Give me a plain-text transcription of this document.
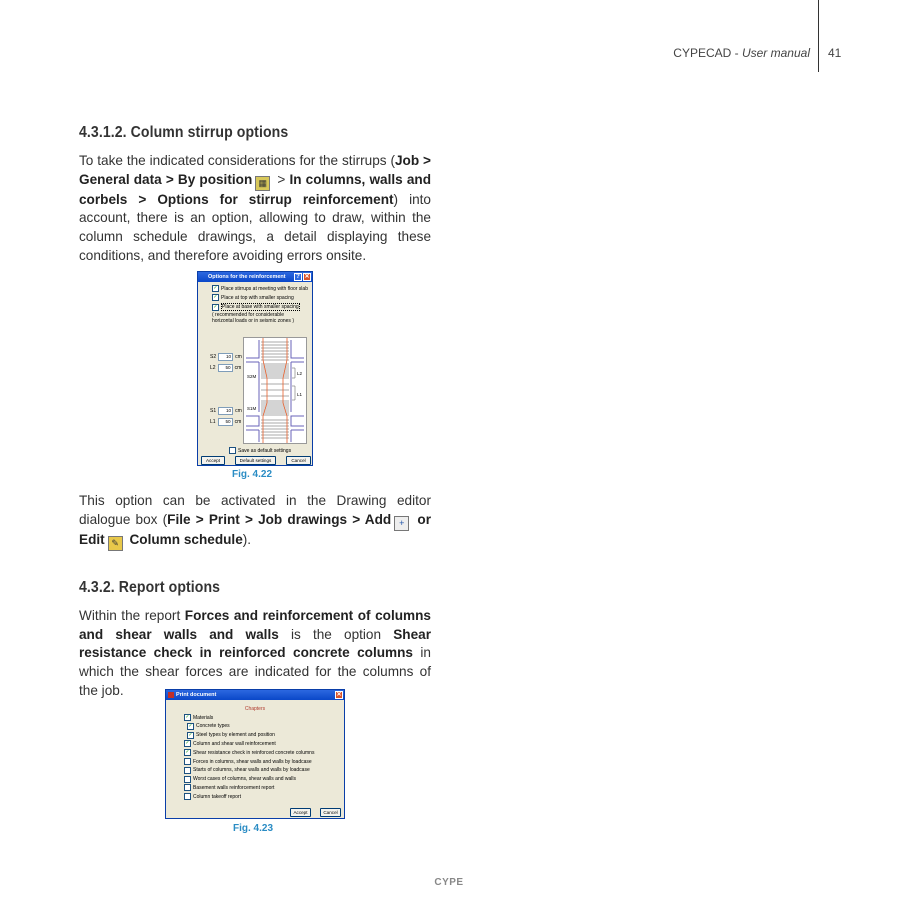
CYPECAD - User manual 41
4.3.1.2. Column stirrup options
To take the indicated considerations for the stirrups (Job > General data > By position ▦ > In columns, walls and corbels > Options for stirrup reinforcement) into account, there is an option, allowing to draw, within the column schedule drawings, a detail displaying these conditions, and therefore avoiding errors onsite.
Options for the reinforcement	? ✕
✓ Place stirrups at meeting with floor slab
✓ Place at top with smaller spacing
✓ Place at base with smaller spacing
( recommended for considerable horizontal loads or in seismic zones )
S2	10 cm
L2	50 cm
S1	10 cm
L1	50 cm
S2M
L2
S1M
L1
Save as default settings
Accept	Default settings	Cancel
Fig. 4.22
This option can be activated in the Drawing editor dialogue box (File > Print > Job drawings > Add + or Edit ✎ Column schedule).
4.3.2. Report options
Within the report Forces and reinforcement of columns and shear walls and walls is the option Shear resistance check in reinforced concrete columns in which the shear forces are indicated for the columns of the job.	Print document	✕
Chapters
✓ Materials
✓ Concrete types
✓ Steel types by element and position
✓ Column and shear wall reinforcement
✓ Shear resistance check in reinforced concrete columns
Forces in columns, shear walls and walls by loadcase
Starts of columns, shear walls and walls by loadcase
Worst cases of columns, shear walls and walls
Basement walls reinforcement report
Column takeoff report
Accept	Cancel
Fig. 4.23
CYPE
